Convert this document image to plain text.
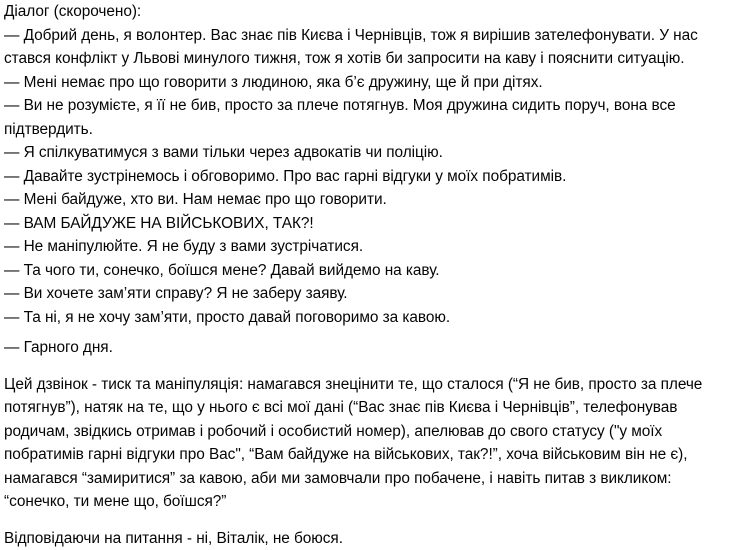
Діалог (скорочено):

— Добрий день, я волонтер. Вас знає пів Києва і Чернівців, тож я вирішив зателефонувати. У нас стався конфлікт у Львові минулого тижня, тож я хотів би запросити на каву і пояснити ситуацію.

— Мені немає про що говорити з людиною, яка б’є дружину, ще й при дітях.

— Ви не розумієте, я її не бив, просто за плече потягнув. Моя дружина сидить поруч, вона все підтвердить.

— Я спілкуватимуся з вами тільки через адвокатів чи поліцію.

— Давайте зустрінемось і обговоримо. Про вас гарні відгуки у моїх побратимів.

— Мені байдуже, хто ви. Нам немає про що говорити.

— ВАМ БАЙДУЖЕ НА ВІЙСЬКОВИХ, ТАК?!

— Не маніпулюйте. Я не буду з вами зустрічатися.

— Та чого ти, сонечко, боїшся мене? Давай вийдемо на каву.

— Ви хочете зам’яти справу? Я не заберу заяву.

— Та ні, я не хочу зам’яти, просто давай поговоримо за кавою.

— Гарного дня.

Цей дзвінок - тиск та маніпуляція: намагався знецінити те, що сталося (“Я не бив, просто за плече потягнув”), натяк на те, що у нього є всі мої дані (“Вас знає пів Києва і Чернівців”, телефонував родичам, звідкись отримав і робочий і особистий номер), апелював до свого статусу ("у моїх побратимів гарні відгуки про Вас", “Вам байдуже на військових, так?!”, хоча військовим він не є), намагався “замиритися” за кавою, аби ми замовчали про побачене, і навіть питав з викликом: “сонечко, ти мене що, боїшся?”

Відповідаючи на питання - ні, Віталік, не боюся.
